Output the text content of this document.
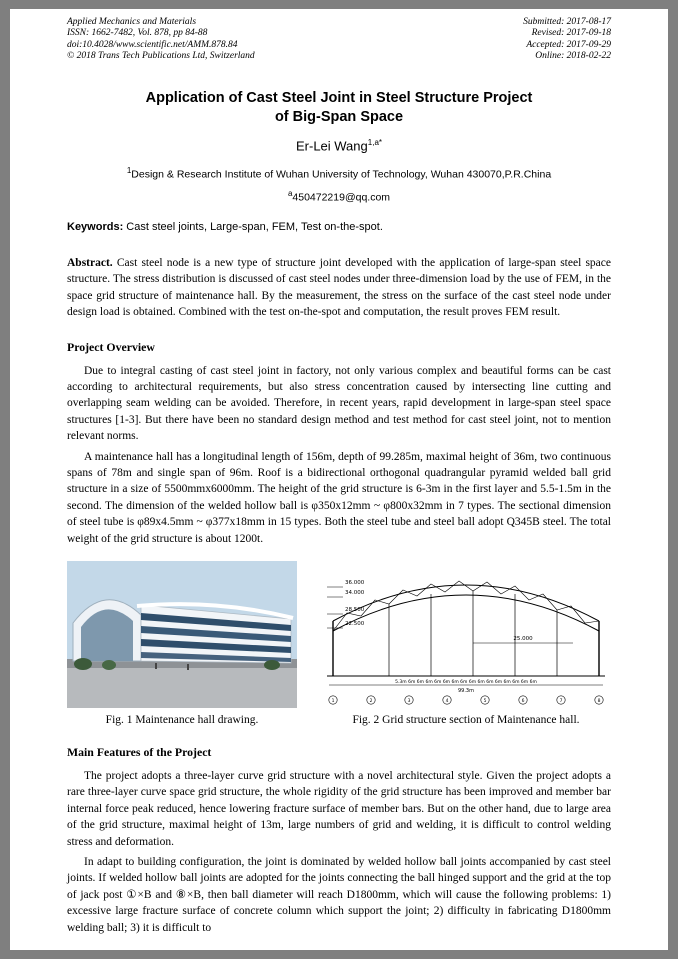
Applied Mechanics and Materials
ISSN: 1662-7482, Vol. 878, pp 84-88
doi:10.4028/www.scientific.net/AMM.878.84
© 2018 Trans Tech Publications Ltd, Switzerland
Submitted: 2017-08-17
Revised: 2017-09-18
Accepted: 2017-09-29
Online: 2018-02-22
Application of Cast Steel Joint in Steel Structure Project
of Big-Span Space
Er-Lei Wang$^{1,a*}$
$^1$Design & Research Institute of Wuhan University of Technology, Wuhan 430070,P.R.China
$^a$450472219@qq.com
Keywords: Cast steel joints, Large-span, FEM, Test on-the-spot.

Abstract. Cast steel node is a new type of structure joint developed with the application of large-span steel space structure. The stress distribution is discussed of cast steel nodes under three-dimension load by the use of FEM, in the space grid structure of maintenance hall. By the measurement, the stress on the surface of the cast steel node under design load is obtained. Combined with the test on-the-spot and computation, the result proves FEM result.

Project Overview

Due to integral casting of cast steel joint in factory, not only various complex and beautiful forms can be cast according to architectural requirements, but also stress concentration caused by intersecting line cutting and overlapping seam welding can be avoided. Therefore, in recent years, rapid development in large-span steel space structures [1-3]. But there have been no standard design method and test method for cast steel joint, not to mention relevant norms.

A maintenance hall has a longitudinal length of 156m, depth of 99.285m, maximal height of 36m, two continuous spans of 78m and single span of 96m. Roof is a bidirectional orthogonal quadrangular pyramid welded ball grid structure in a size of 5500mmx6000mm. The height of the grid structure is 6-3m in the first layer and 5.5-1.5m in the second. The dimension of the welded hollow ball is φ350x12mm ~ φ800x32mm in 7 types. The sectional dimension of steel tube is φ89x4.5mm ~ φ377x18mm in 15 types. Both the steel tube and steel ball adopt Q345B steel. The total weight of the grid structure is about 1200t.

Fig. 1 Maintenance hall drawing.
36.000
34.000
28.500
22.500
25.000
5.3m 6m 6m 6m 6m 6m 6m 6m 6m 6m 6m 6m 6m 6m 6m 6m
99.3m
1	2	3	4	5	6	7	8
Fig. 2 Grid structure section of Maintenance hall.
Main Features of the Project

The project adopts a three-layer curve grid structure with a novel architectural style. Given the project adopts a rare three-layer curve space grid structure, the whole rigidity of the grid structure has been improved and member bar internal force peak reduced, hence lowering fracture surface of member bars. But on the other hand, due to large area of the grid structure, maximal height of 13m, large numbers of grid and welding, it is difficult to control welding stress and deformation.

In adapt to building configuration, the joint is dominated by welded hollow ball joints accompanied by cast steel joints. If welded hollow ball joints are adopted for the joints connecting the ball hinged support and the grid at the top of jack post ①×B and ⑧×B, then ball diameter will reach D1800mm, which will cause the following problems: 1) excessive large fracture surface of concrete column which support the joint; 2) difficulty in fabricating D1800mm welding ball; 3) it is difficult to
